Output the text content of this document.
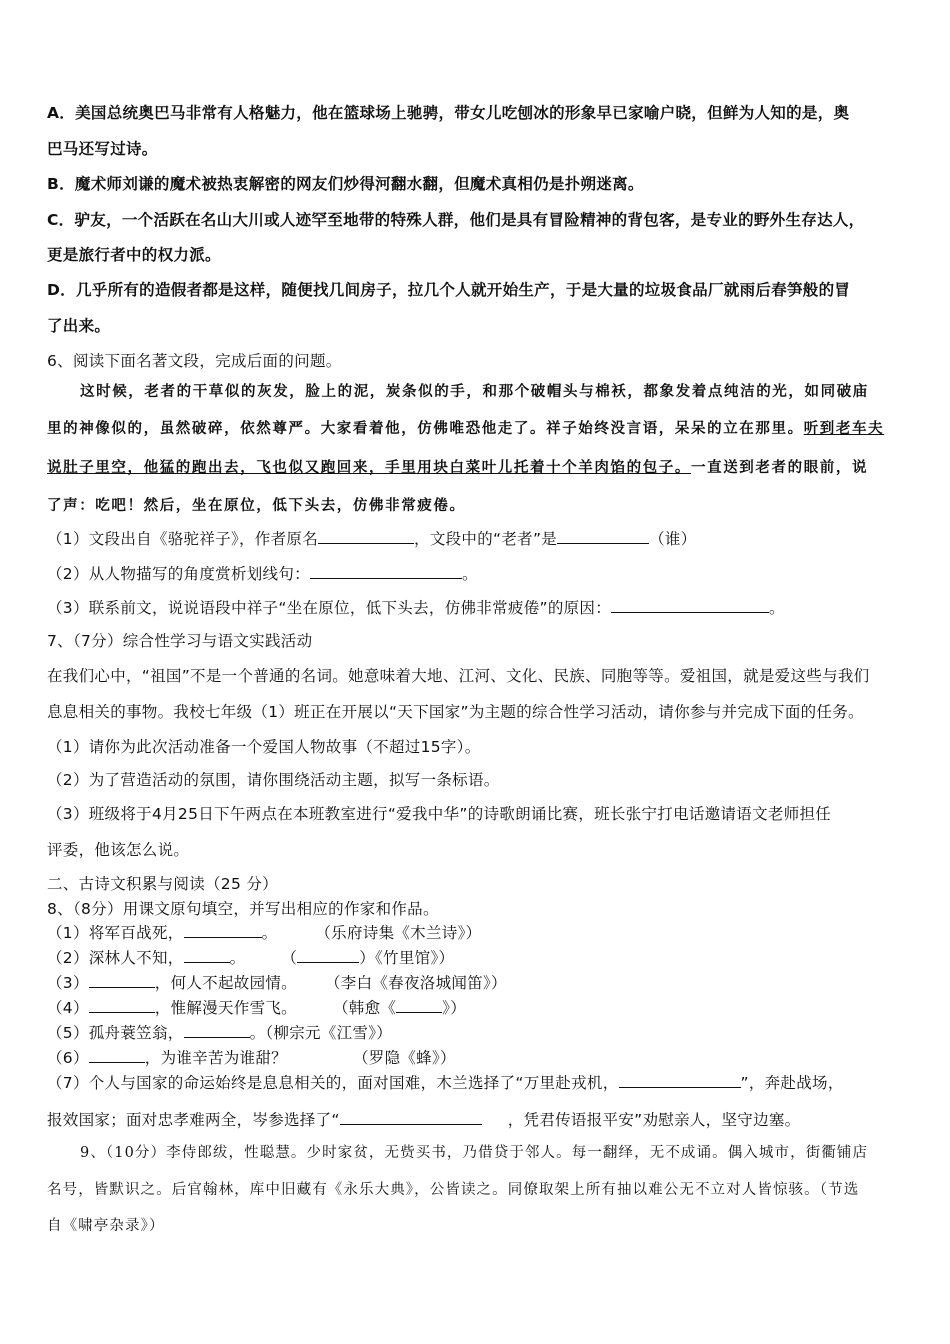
A．美国总统奥巴马非常有人格魅力，他在篮球场上驰骋，带女儿吃刨冰的形象早已家喻户晓，但鲜为人知的是，奥
巴马还写过诗。
B．魔术师刘谦的魔术被热衷解密的网友们炒得河翻水翻，但魔术真相仍是扑朔迷离。
C．驴友，一个活跃在名山大川或人迹罕至地带的特殊人群，他们是具有冒险精神的背包客，是专业的野外生存达人，
更是旅行者中的权力派。
D．几乎所有的造假者都是这样，随便找几间房子，拉几个人就开始生产，于是大量的垃圾食品厂就雨后春笋般的冒
了出来。
6、阅读下面名著文段，完成后面的问题。
这时候，老者的干草似的灰发，脸上的泥，炭条似的手，和那个破帽头与棉袄，都象发着点纯洁的光，如同破庙
里的神像似的，虽然破碎，依然尊严。大家看着他，仿佛唯恐他走了。祥子始终没言语，呆呆的立在那里。听到老车夫
说肚子里空，他猛的跑出去，飞也似又跑回来，手里用块白菜叶儿托着十个羊肉馅的包子。一直送到老者的眼前，说
了声：吃吧！然后，坐在原位，低下头去，仿佛非常疲倦。
（1）文段出自《骆驼祥子》，作者原名	，文段中的“老者”是	（谁）
（2）从人物描写的角度赏析划线句：	。
（3）联系前文，说说语段中祥子“坐在原位，低下头去，仿佛非常疲倦”的原因：	。
7、（7分）综合性学习与语文实践活动
在我们心中，“祖国”不是一个普通的名词。她意味着大地、江河、文化、民族、同胞等等。爱祖国，就是爱这些与我们
息息相关的事物。我校七年级（1）班正在开展以“天下国家”为主题的综合性学习活动，请你参与并完成下面的任务。
（1）请你为此次活动准备一个爱国人物故事（不超过15字）。
（2）为了营造活动的氛围，请你围绕活动主题，拟写一条标语。
（3）班级将于4月25日下午两点在本班教室进行“爱我中华”的诗歌朗诵比赛，班长张宁打电话邀请语文老师担任
评委，他该怎么说。
二、古诗文积累与阅读（25 分）
8、（8分）用课文原句填空，并写出相应的作家和作品。
（1）将军百战死，	。 （乐府诗集《木兰诗》）
（2）深林人不知，	。 （	）《竹里馆》）
（3）	，何人不起故园情。 （李白《春夜洛城闻笛》）
（4）	，惟解漫天作雪飞。 （韩愈《	》）
（5）孤舟蓑笠翁，	。（柳宗元《江雪》）
（6）	，为谁辛苦为谁甜？	（罗隐《蜂》）
（7）个人与国家的命运始终是息息相关的，面对国难，木兰选择了“万里赴戎机，	”，奔赴战场，
报效国家；面对忠孝难两全，岑参选择了“	，凭君传语报平安”劝慰亲人，坚守边塞。
9、（10分）李侍郎绂，性聪慧。少时家贫，无赀买书，乃借贷于邻人。每一翻绎，无不成诵。偶入城市，街衢铺店
名号，皆默识之。后官翰林，库中旧藏有《永乐大典》，公皆读之。同僚取架上所有抽以难公无不立对人皆惊骇。（节选
自《啸亭杂录》）
